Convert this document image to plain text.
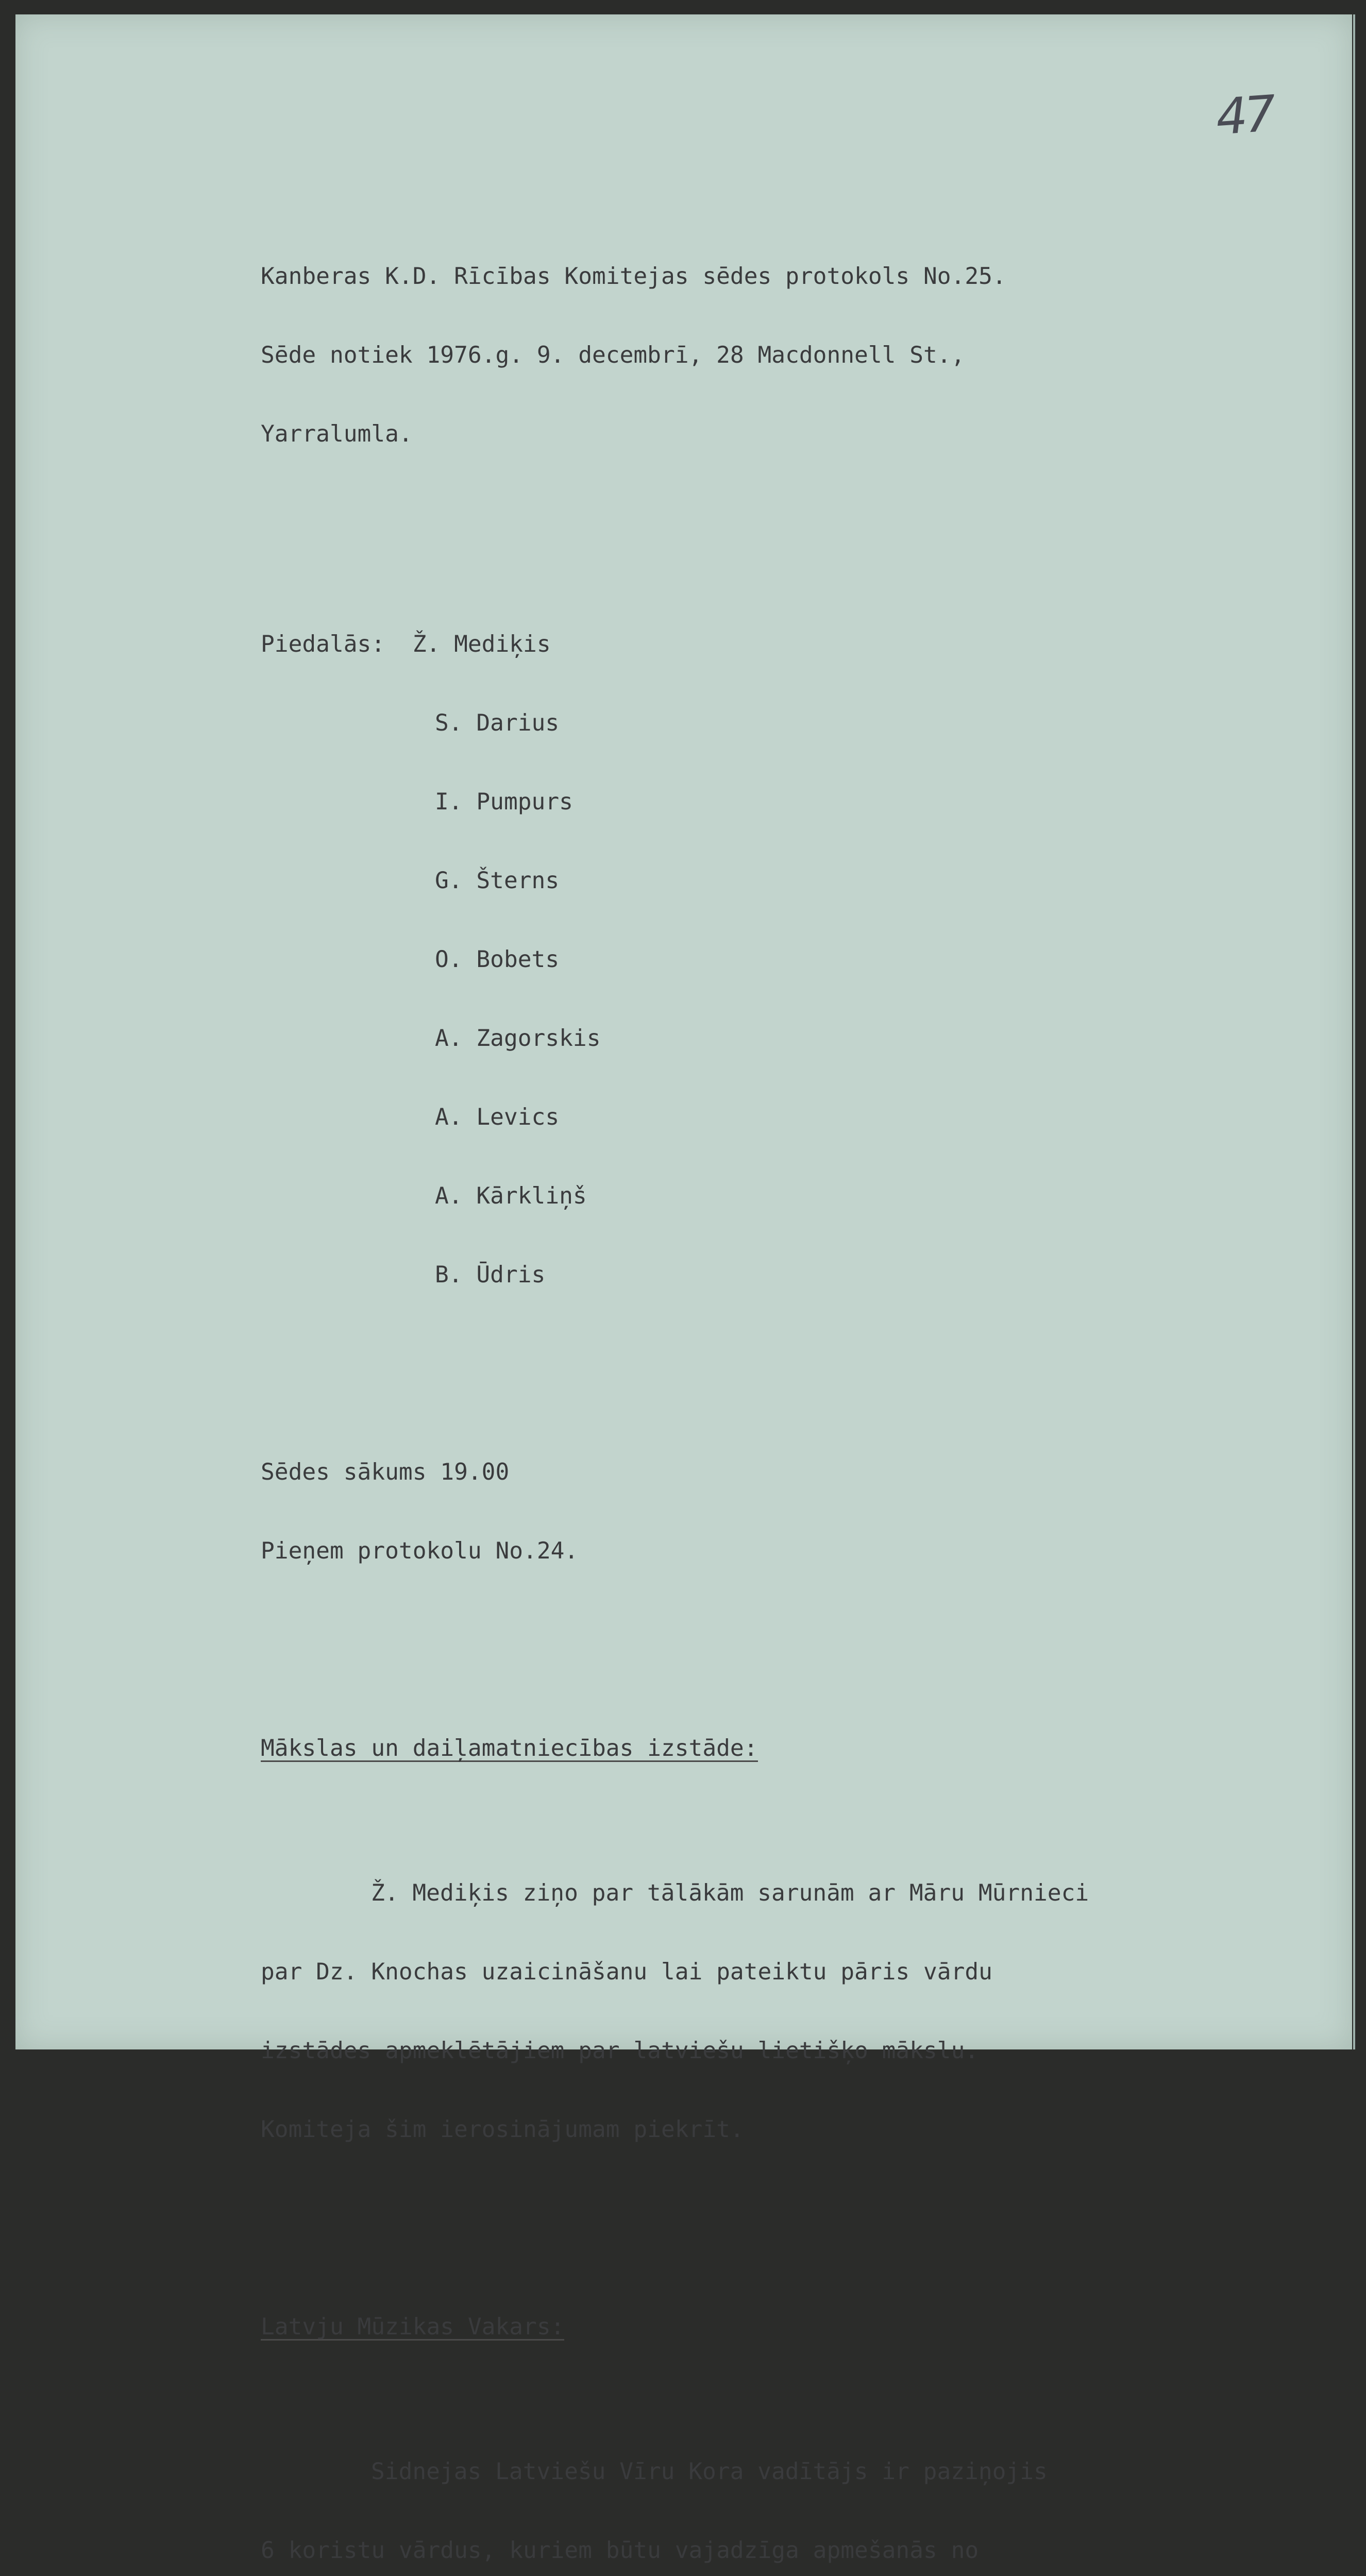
47

Kanberas K.D. Rīcības Komitejas sēdes protokols No.25.

Sēde notiek 1976.g. 9. decembrī, 28 Macdonnell St.,

Yarralumla.

Piedalās: Ž. Mediķis

S. Darius

I. Pumpurs

G. Šterns

O. Bobets

A. Zagorskis

A. Levics

A. Kārkliņš

B. Ūdris

Sēdes sākums 19.00

Pieņem protokolu No.24.

Mākslas un daiļamatniecības izstāde:

Ž. Mediķis ziņo par tālākām sarunām ar Māru Mūrnieci

par Dz. Knochas uzaicināšanu lai pateiktu pāris vārdu

izstādes apmeklētājiem par latviešu lietišķo mākslu.

Komiteja šim ierosinājumam piekrīt.

Latvju Mūzikas Vakars:

Sidnejas Latviešu Vīru Kora vadītājs ir paziņojis

6 koristu vārdus, kuriem būtu vajadzīga apmešanās no
